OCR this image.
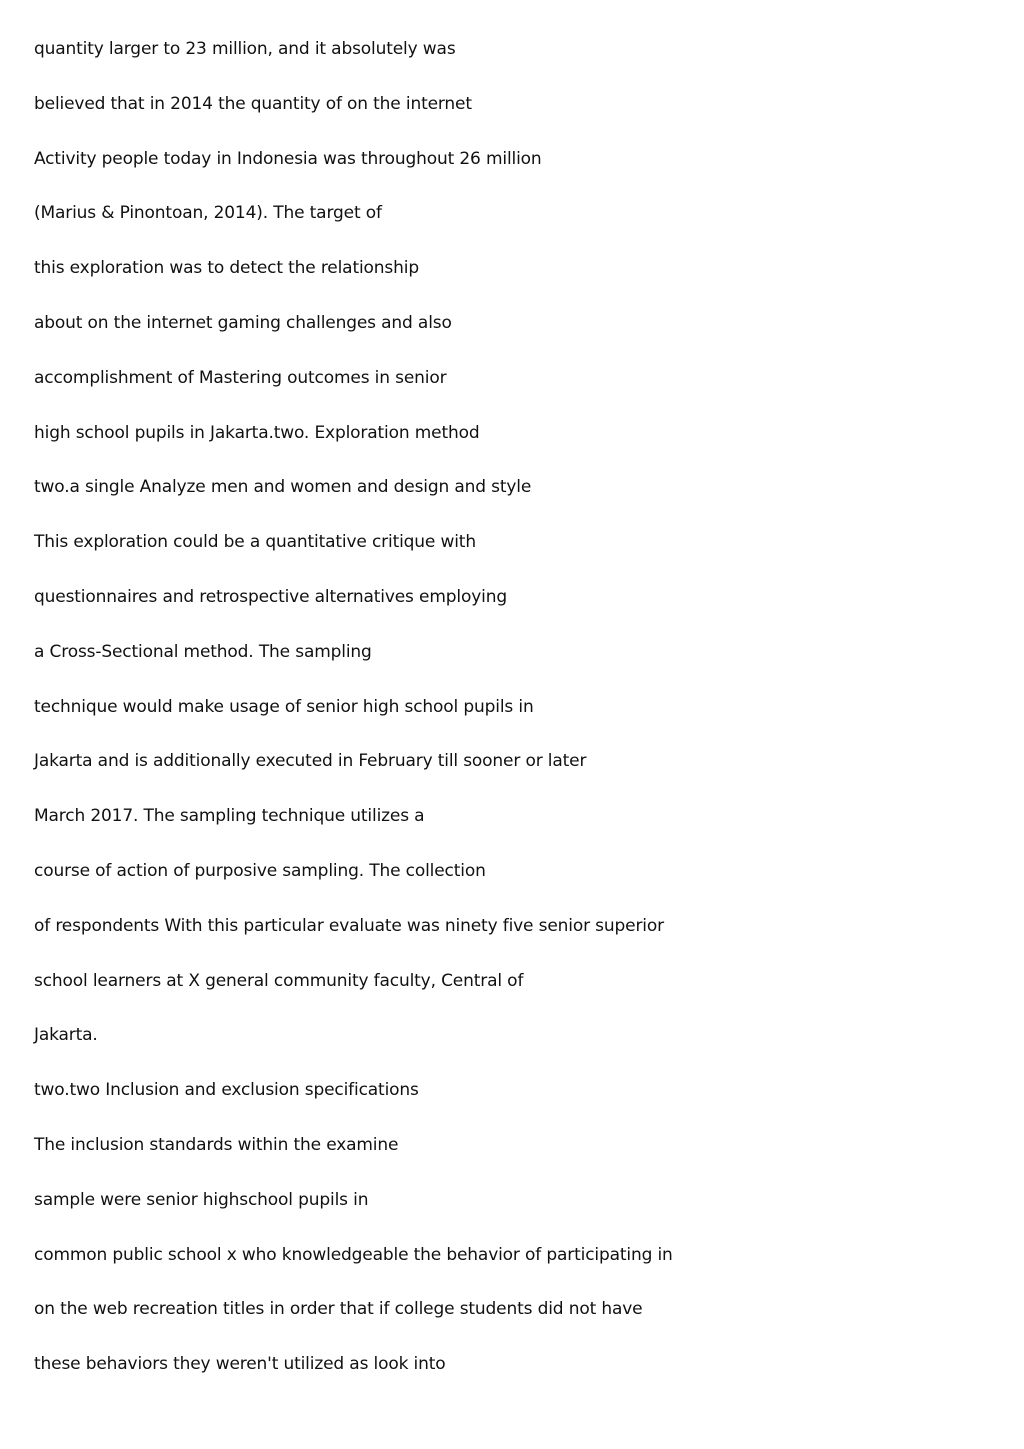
quantity larger to 23 million, and it absolutely was
believed that in 2014 the quantity of on the internet
Activity people today in Indonesia was throughout 26 million
(Marius & Pinontoan, 2014). The target of
this exploration was to detect the relationship
about on the internet gaming challenges and also
accomplishment of Mastering outcomes in senior
high school pupils in Jakarta.two. Exploration method
two.a single Analyze men and women and design and style
This exploration could be a quantitative critique with
questionnaires and retrospective alternatives employing
a Cross-Sectional method. The sampling
technique would make usage of senior high school pupils in
Jakarta and is additionally executed in February till sooner or later
March 2017. The sampling technique utilizes a
course of action of purposive sampling. The collection
of respondents With this particular evaluate was ninety five senior superior
school learners at X general community faculty, Central of
Jakarta.
two.two Inclusion and exclusion specifications
The inclusion standards within the examine
sample were senior highschool pupils in
common public school x who knowledgeable the behavior of participating in
on the web recreation titles in order that if college students did not have
these behaviors they weren't utilized as look into
